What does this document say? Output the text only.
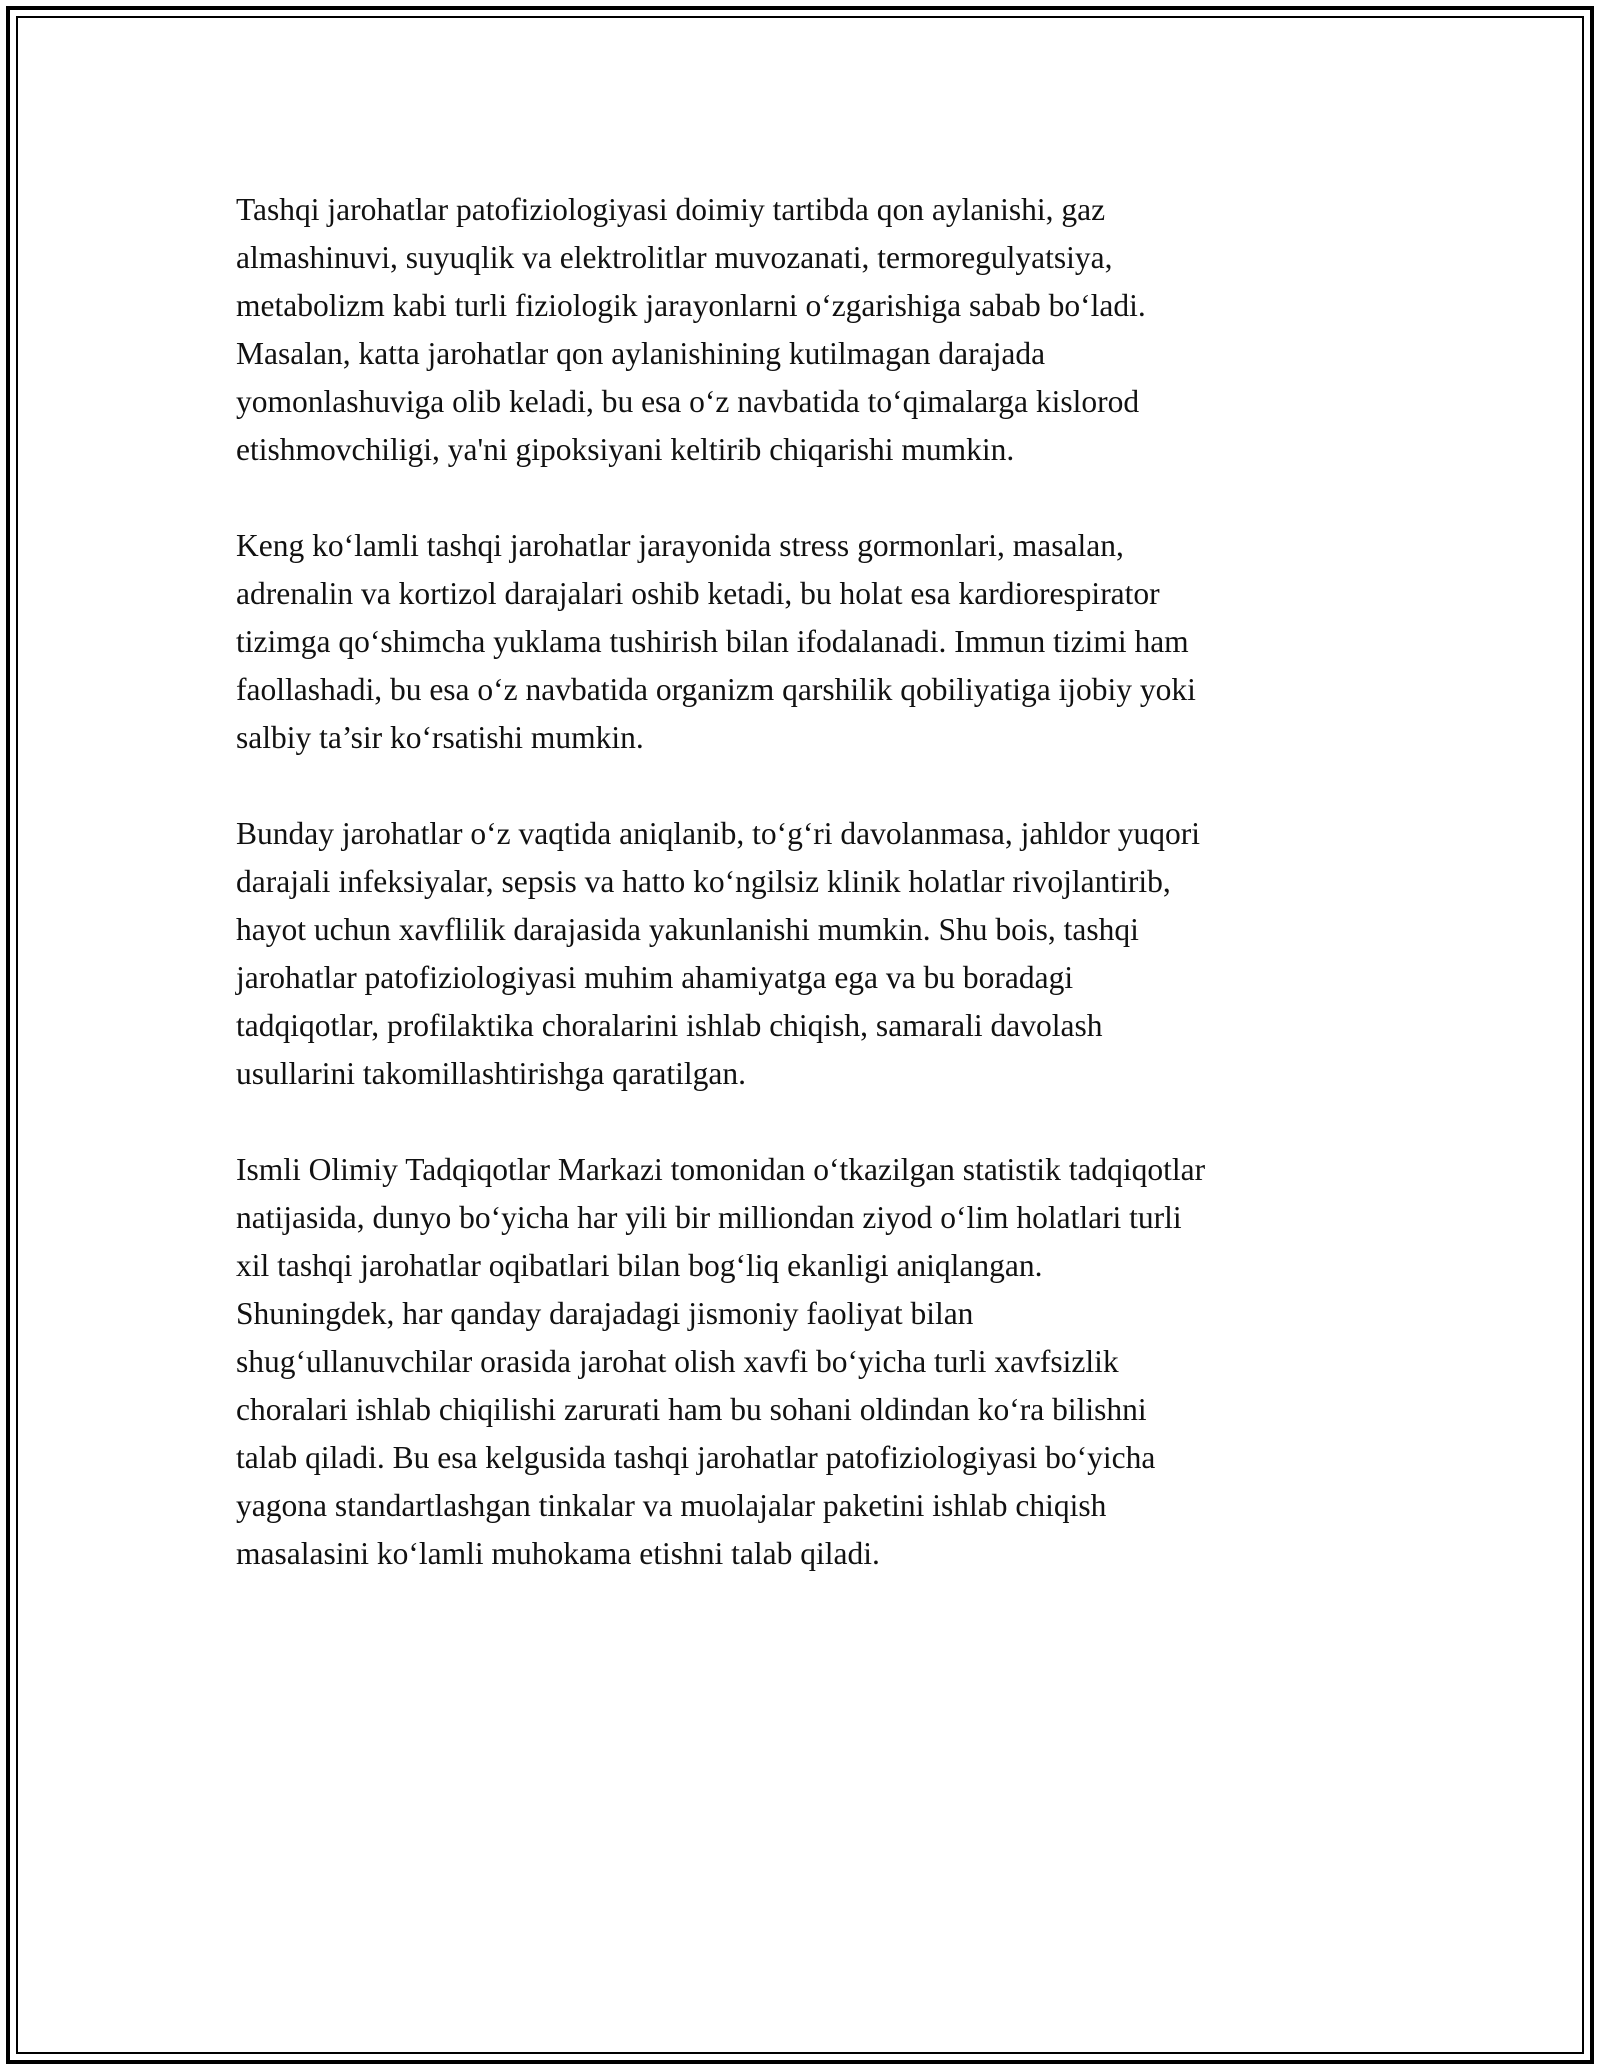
Tashqi jarohatlar patofiziologiyasi doimiy tartibda qon aylanishi, gaz
almashinuvi, suyuqlik va elektrolitlar muvozanati, termoregulyatsiya,
metabolizm kabi turli fiziologik jarayonlarni o‘zgarishiga sabab bo‘ladi.
Masalan, katta jarohatlar qon aylanishining kutilmagan darajada
yomonlashuviga olib keladi, bu esa o‘z navbatida to‘qimalarga kislorod
etishmovchiligi, ya'ni gipoksiyani keltirib chiqarishi mumkin.

Keng ko‘lamli tashqi jarohatlar jarayonida stress gormonlari, masalan,
adrenalin va kortizol darajalari oshib ketadi, bu holat esa kardiorespirator
tizimga qo‘shimcha yuklama tushirish bilan ifodalanadi. Immun tizimi ham
faollashadi, bu esa o‘z navbatida organizm qarshilik qobiliyatiga ijobiy yoki
salbiy ta’sir ko‘rsatishi mumkin.

Bunday jarohatlar o‘z vaqtida aniqlanib, to‘g‘ri davolanmasa, jahldor yuqori
darajali infeksiyalar, sepsis va hatto ko‘ngilsiz klinik holatlar rivojlantirib,
hayot uchun xavflilik darajasida yakunlanishi mumkin. Shu bois, tashqi
jarohatlar patofiziologiyasi muhim ahamiyatga ega va bu boradagi
tadqiqotlar, profilaktika choralarini ishlab chiqish, samarali davolash
usullarini takomillashtirishga qaratilgan.

Ismli Olimiy Tadqiqotlar Markazi tomonidan o‘tkazilgan statistik tadqiqotlar
natijasida, dunyo bo‘yicha har yili bir milliondan ziyod o‘lim holatlari turli
xil tashqi jarohatlar oqibatlari bilan bog‘liq ekanligi aniqlangan.
Shuningdek, har qanday darajadagi jismoniy faoliyat bilan
shug‘ullanuvchilar orasida jarohat olish xavfi bo‘yicha turli xavfsizlik
choralari ishlab chiqilishi zarurati ham bu sohani oldindan ko‘ra bilishni
talab qiladi. Bu esa kelgusida tashqi jarohatlar patofiziologiyasi bo‘yicha
yagona standartlashgan tinkalar va muolajalar paketini ishlab chiqish
masalasini ko‘lamli muhokama etishni talab qiladi.
